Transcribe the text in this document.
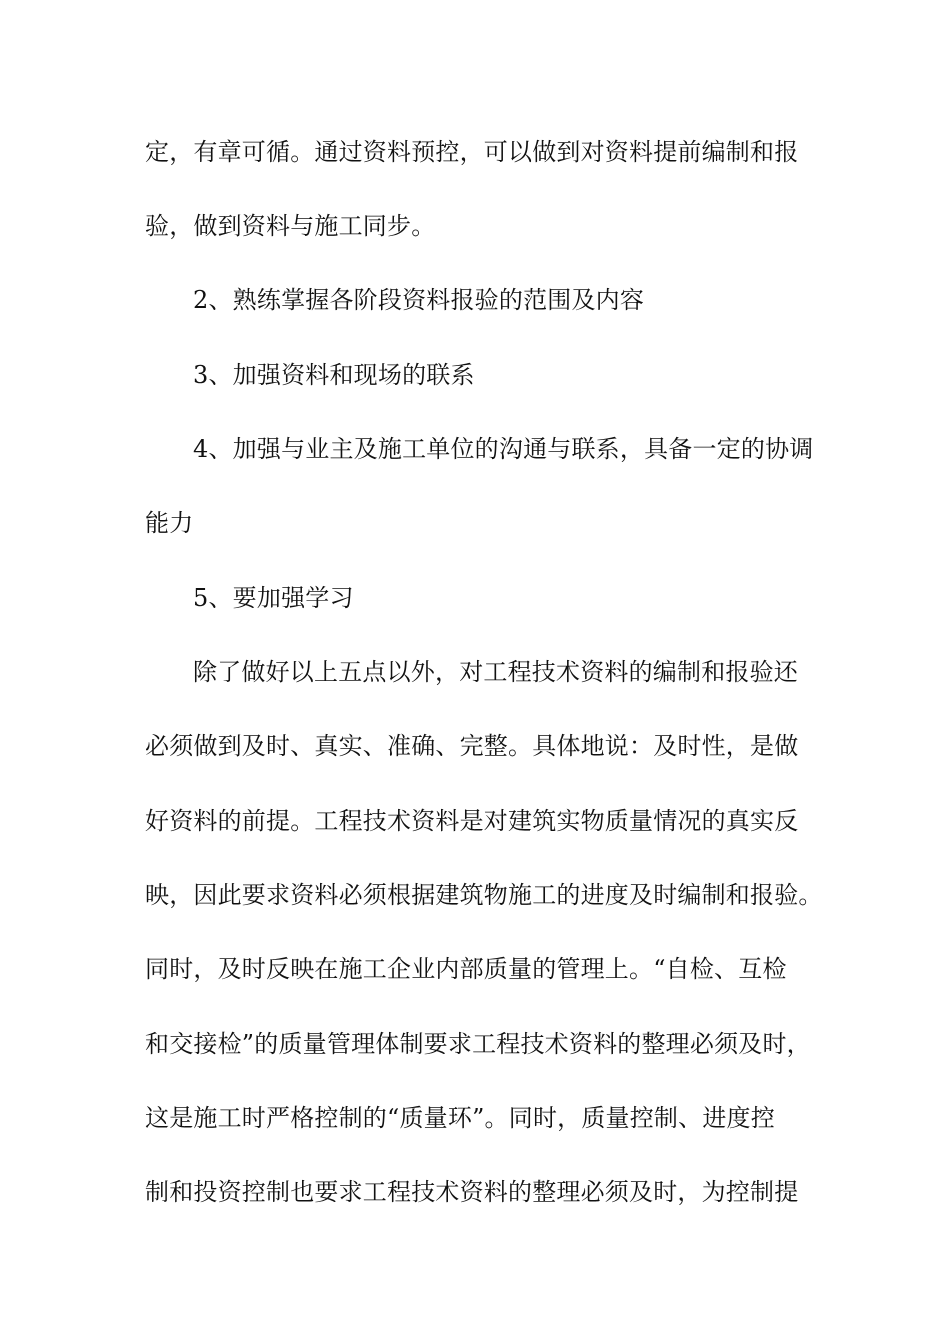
定，有章可循。通过资料预控，可以做到对资料提前编制和报
验，做到资料与施工同步。
2、熟练掌握各阶段资料报验的范围及内容
3、加强资料和现场的联系
4、加强与业主及施工单位的沟通与联系，具备一定的协调
能力
5、要加强学习
除了做好以上五点以外，对工程技术资料的编制和报验还
必须做到及时、真实、准确、完整。具体地说：及时性，是做
好资料的前提。工程技术资料是对建筑实物质量情况的真实反
映，因此要求资料必须根据建筑物施工的进度及时编制和报验。
同时，及时反映在施工企业内部质量的管理上。“自检、互检
和交接检”的质量管理体制要求工程技术资料的整理必须及时，
这是施工时严格控制的“质量环”。同时，质量控制、进度控
制和投资控制也要求工程技术资料的整理必须及时，为控制提
